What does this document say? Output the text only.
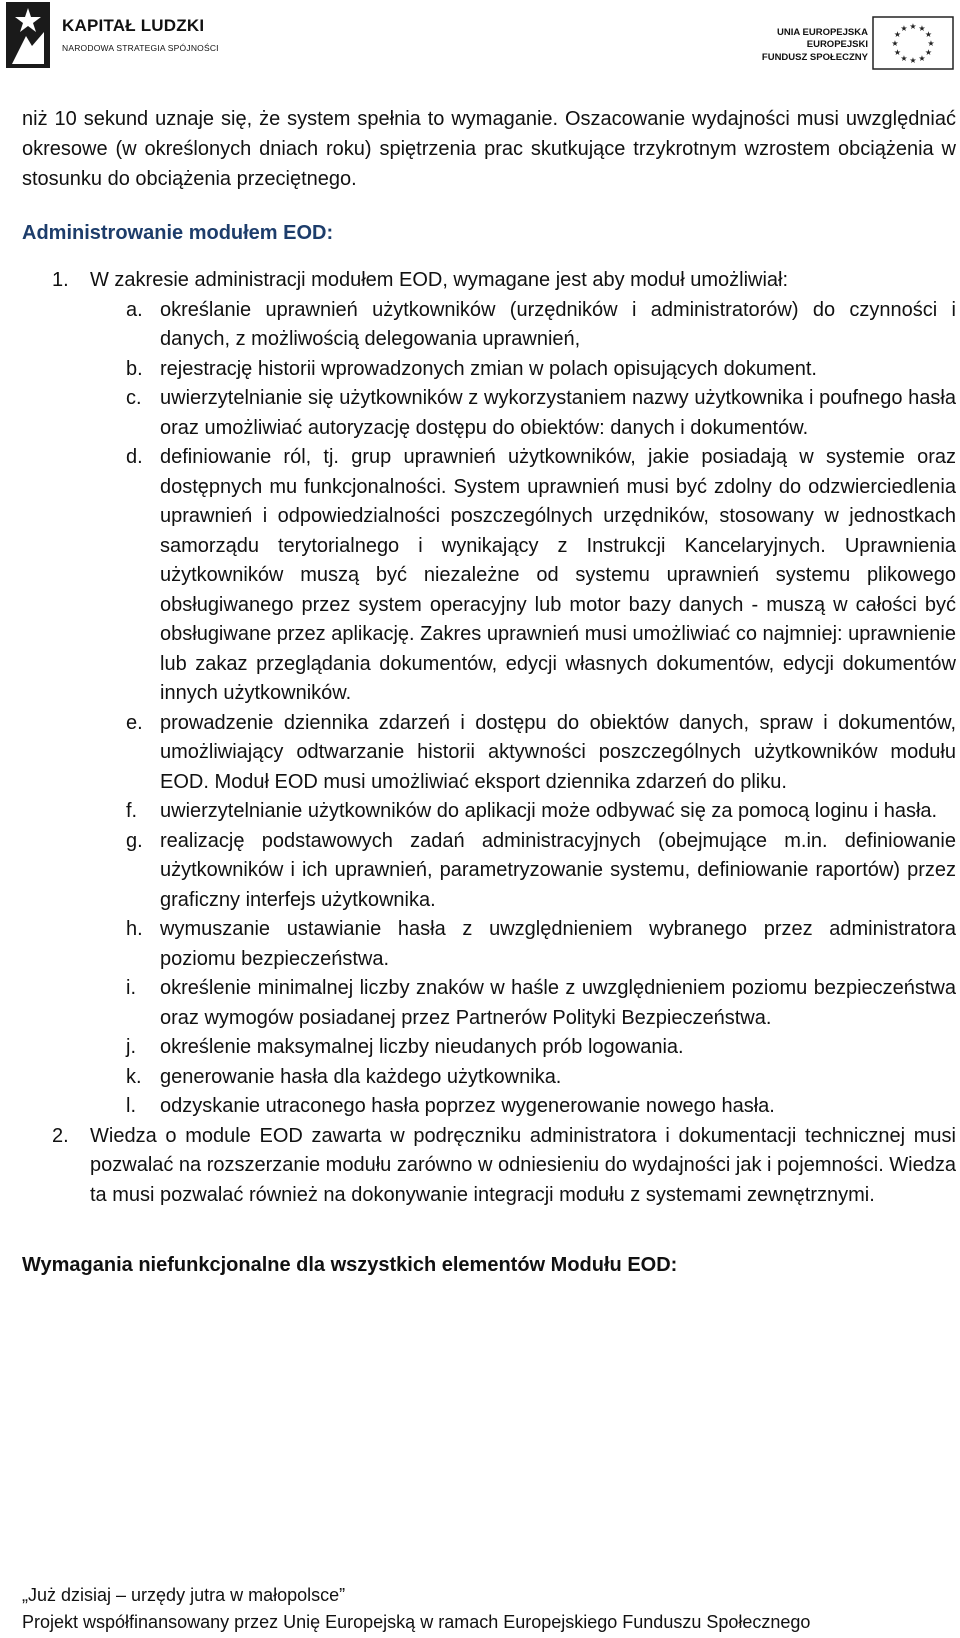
KAPITAŁ LUDZKI
NARODOWA STRATEGIA SPÓJNOŚCI
UNIA EUROPEJSKA
EUROPEJSKI
FUNDUSZ SPOŁECZNY
★ ★
★
★
★
★
★
★
★
★
★
★

niż 10 sekund uznaje się, że system spełnia to wymaganie. Oszacowanie wydajności musi uwzględniać okresowe (w określonych dniach roku) spiętrzenia prac skutkujące trzykrotnym wzrostem obciążenia w stosunku do obciążenia przeciętnego.

Administrowanie modułem EOD:

1. W zakresie administracji modułem EOD, wymagane jest aby moduł umożliwiał:
a. określanie uprawnień użytkowników (urzędników i administratorów) do czynności i danych, z możliwością delegowania uprawnień,
b. rejestrację historii wprowadzonych zmian w polach opisujących dokument.
c. uwierzytelnianie się użytkowników z wykorzystaniem nazwy użytkownika i poufnego hasła oraz umożliwiać autoryzację dostępu do obiektów: danych i dokumentów.
d. definiowanie ról, tj. grup uprawnień użytkowników, jakie posiadają w systemie oraz dostępnych mu funkcjonalności. System uprawnień musi być zdolny do odzwierciedlenia uprawnień i odpowiedzialności poszczególnych urzędników, stosowany w jednostkach samorządu terytorialnego i wynikający z Instrukcji Kancelaryjnych. Uprawnienia użytkowników muszą być niezależne od systemu uprawnień systemu plikowego obsługiwanego przez system operacyjny lub motor bazy danych - muszą w całości być obsługiwane przez aplikację. Zakres uprawnień musi umożliwiać co najmniej: uprawnienie lub zakaz przeglądania dokumentów, edycji własnych dokumentów, edycji dokumentów innych użytkowników.
e. prowadzenie dziennika zdarzeń i dostępu do obiektów danych, spraw i dokumentów, umożliwiający odtwarzanie historii aktywności poszczególnych użytkowników modułu EOD. Moduł EOD musi umożliwiać eksport dziennika zdarzeń do pliku.
f. uwierzytelnianie użytkowników do aplikacji może odbywać się za pomocą loginu i hasła.
g. realizację podstawowych zadań administracyjnych (obejmujące m.in. definiowanie użytkowników i ich uprawnień, parametryzowanie systemu, definiowanie raportów) przez graficzny interfejs użytkownika.
h. wymuszanie ustawianie hasła z uwzględnieniem wybranego przez administratora poziomu bezpieczeństwa.
i. określenie minimalnej liczby znaków w haśle z uwzględnieniem poziomu bezpieczeństwa oraz wymogów posiadanej przez Partnerów Polityki Bezpieczeństwa.
j. określenie maksymalnej liczby nieudanych prób logowania.
k. generowanie hasła dla każdego użytkownika.
l. odzyskanie utraconego hasła poprzez wygenerowanie nowego hasła.
2. Wiedza o module EOD zawarta w podręczniku administratora i dokumentacji technicznej musi pozwalać na rozszerzanie modułu zarówno w odniesieniu do wydajności jak i pojemności. Wiedza ta musi pozwalać również na dokonywanie integracji modułu z systemami zewnętrznymi.

Wymagania niefunkcjonalne dla wszystkich elementów Modułu EOD:

„Już dzisiaj – urzędy jutra w małopolsce”

Projekt współfinansowany przez Unię Europejską w ramach Europejskiego Funduszu Społecznego
